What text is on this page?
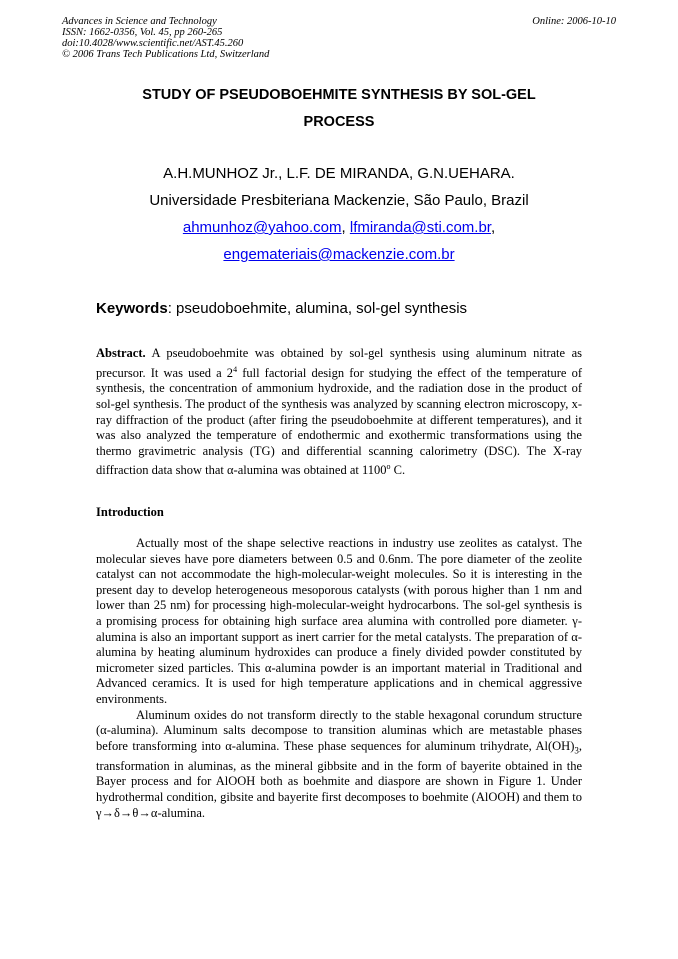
Advances in Science and Technology
ISSN: 1662-0356, Vol. 45, pp 260-265
doi:10.4028/www.scientific.net/AST.45.260
© 2006 Trans Tech Publications Ltd, Switzerland
Online: 2006-10-10
STUDY OF PSEUDOBOEHMITE SYNTHESIS BY SOL-GEL
PROCESS
A.H.MUNHOZ Jr., L.F. DE MIRANDA, G.N.UEHARA.
Universidade Presbiteriana Mackenzie, São Paulo, Brazil
ahmunhoz@yahoo.com, lfmiranda@sti.com.br,
engemateriais@mackenzie.com.br
Keywords: pseudoboehmite, alumina, sol-gel synthesis
Abstract. A pseudoboehmite was obtained by sol-gel synthesis using aluminum nitrate as precursor. It was used a $2^4$ full factorial design for studying the effect of the temperature of synthesis, the concentration of ammonium hydroxide, and the radiation dose in the product of sol-gel synthesis. The product of the synthesis was analyzed by scanning electron microscopy, x-ray diffraction of the product (after firing the pseudoboehmite at different temperatures), and it was also analyzed the temperature of endothermic and exothermic transformations using the thermo gravimetric analysis (TG) and differential scanning calorimetry (DSC). The X-ray diffraction data show that α-alumina was obtained at 1100$^o$ C.
Introduction

Actually most of the shape selective reactions in industry use zeolites as catalyst. The molecular sieves have pore diameters between 0.5 and 0.6nm. The pore diameter of the zeolite catalyst can not accommodate the high-molecular-weight molecules. So it is interesting in the present day to develop heterogeneous mesoporous catalysts (with porous higher than 1 nm and lower than 25 nm) for processing high-molecular-weight hydrocarbons. The sol-gel synthesis is a promising process for obtaining high surface area alumina with controlled pore diameter. γ-alumina is also an important support as inert carrier for the metal catalysts. The preparation of α-alumina by heating aluminum hydroxides can produce a finely divided powder constituted by micrometer sized particles. This α-alumina powder is an important material in Traditional and Advanced ceramics. It is used for high temperature applications and in chemical aggressive environments.

Aluminum oxides do not transform directly to the stable hexagonal corundum structure (α-alumina). Aluminum salts decompose to transition aluminas which are metastable phases before transforming into α-alumina. These phase sequences for aluminum trihydrate, $Al(OH)_3$, transformation in aluminas, as the mineral gibbsite and in the form of bayerite obtained in the Bayer process and for AlOOH both as boehmite and diaspore are shown in Figure 1. Under hydrothermal condition, gibsite and bayerite first decomposes to boehmite (AlOOH) and them to γ→δ→θ→α-alumina.
